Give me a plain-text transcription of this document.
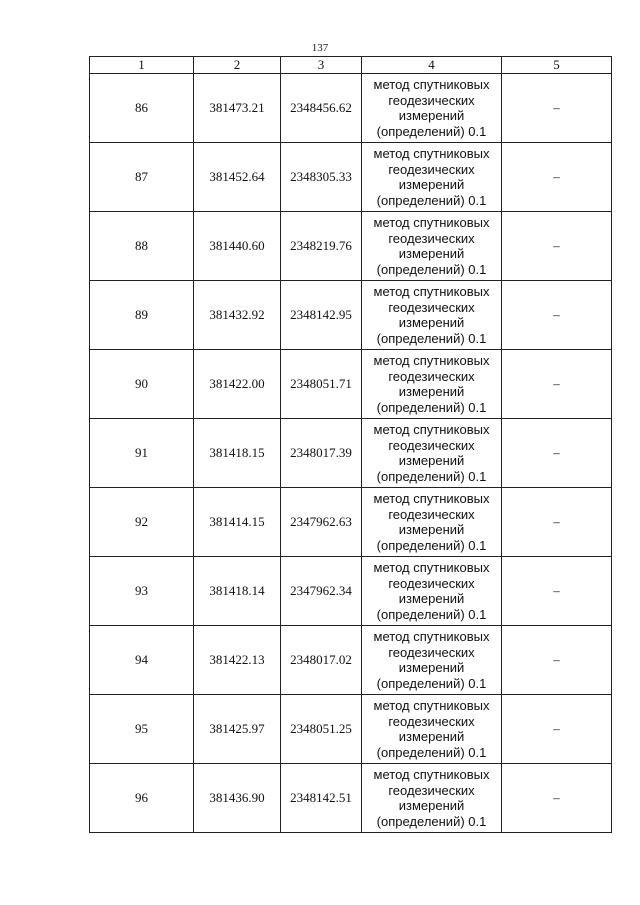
137
1	2	3	4	5
86	381473.21	2348456.62	метод спутниковых
геодезических
измерений
(определений) 0.1	–
87	381452.64	2348305.33	метод спутниковых
геодезических
измерений
(определений) 0.1	–
88	381440.60	2348219.76	метод спутниковых
геодезических
измерений
(определений) 0.1	–
89	381432.92	2348142.95	метод спутниковых
геодезических
измерений
(определений) 0.1	–
90	381422.00	2348051.71	метод спутниковых
геодезических
измерений
(определений) 0.1	–
91	381418.15	2348017.39	метод спутниковых
геодезических
измерений
(определений) 0.1	–
92	381414.15	2347962.63	метод спутниковых
геодезических
измерений
(определений) 0.1	–
93	381418.14	2347962.34	метод спутниковых
геодезических
измерений
(определений) 0.1	–
94	381422.13	2348017.02	метод спутниковых
геодезических
измерений
(определений) 0.1	–
95	381425.97	2348051.25	метод спутниковых
геодезических
измерений
(определений) 0.1	–
96	381436.90	2348142.51	метод спутниковых
геодезических
измерений
(определений) 0.1	–
